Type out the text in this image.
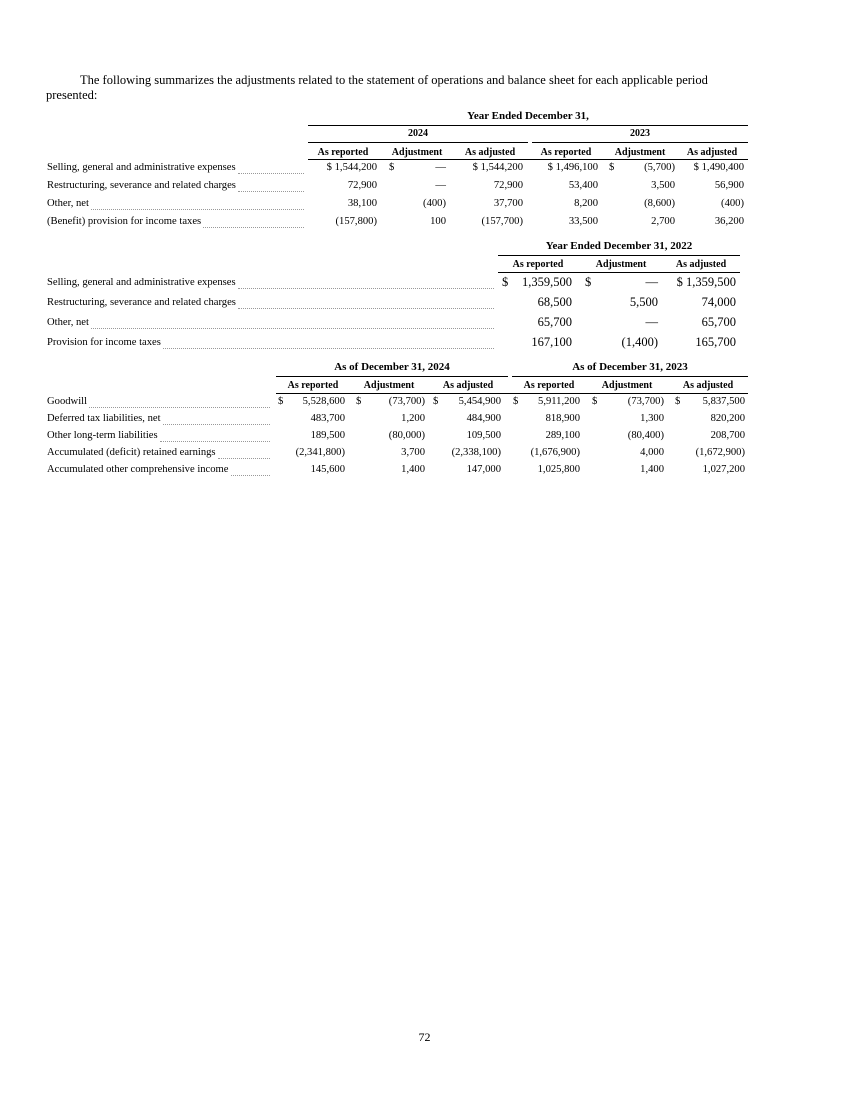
The following summarizes the adjustments related to the statement of operations and balance sheet for each applicable period presented:
Year Ended December 31,
2024	2023
As reported	Adjustment	As adjusted	As reported	Adjustment	As adjusted
Selling, general and administrative expenses	$ 1,544,200 $	—	$ 1,544,200	$ 1,496,100 $	(5,700)	$ 1,490,400
Restructuring, severance and related charges	72,900	—	72,900	53,400	3,500	56,900
Other, net	38,100	(400)	37,700	8,200	(8,600)	(400)
(Benefit) provision for income taxes	(157,800)	100	(157,700)	33,500	2,700	36,200
Year Ended December 31, 2022
As reported	Adjustment	As adjusted
Selling, general and administrative expenses	$	1,359,500 $	—	$ 1,359,500
Restructuring, severance and related charges	68,500	5,500	74,000
Other, net	65,700	—	65,700
Provision for income taxes	167,100	(1,400)	165,700
As of December 31, 2024	As of December 31, 2023
As reported	Adjustment	As adjusted	As reported	Adjustment	As adjusted
Goodwill	$	5,528,600 $	(73,700) $	5,454,900 $	5,911,200 $	(73,700) $	5,837,500
Deferred tax liabilities, net	483,700	1,200	484,900	818,900	1,300	820,200
Other long-term liabilities	189,500	(80,000)	109,500	289,100	(80,400)	208,700
Accumulated (deficit) retained earnings	(2,341,800)	3,700	(2,338,100)	(1,676,900)	4,000	(1,672,900)
Accumulated other comprehensive income	145,600	1,400	147,000	1,025,800	1,400	1,027,200
72
